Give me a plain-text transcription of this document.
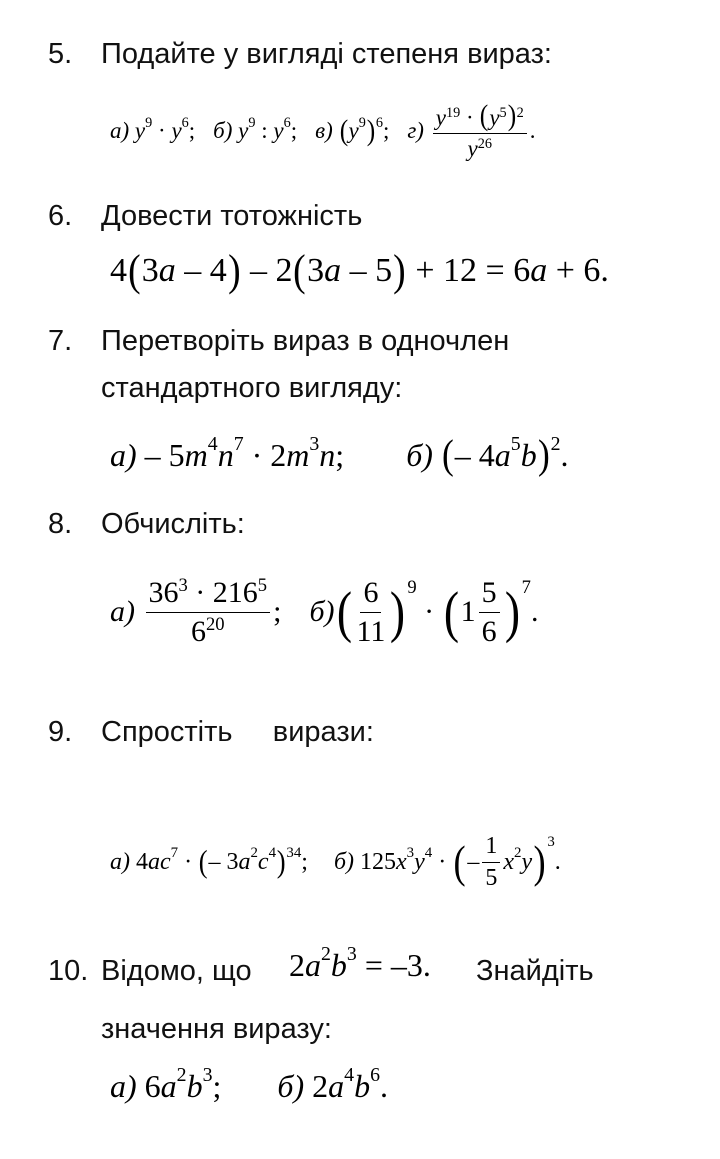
5. Подайте у вигляді степеня вираз:
а)
y 9 · y 6 ; б)
y 9 : y 6 ; в)
( y 9 ) 6 ; г)
$\frac{y^{19} \cdot (y^5)^2}{y^{26}}$ .
6. Довести тотожність
4 ( 3 a – 4 ) – 2 ( 3 a – 5 ) + 12 = 6 a + 6.
7. Перетворіть вираз в одночлен
стандартного вигляду:
а) – 5 m 4 n 7 · 2 m 3 n ; б)
( – 4 a 5 b ) 2 .
8. Обчисліть:
а)
$\frac{36^3 \cdot 216^5}{6^{20}}$ ; б) ( $\frac{6}{11}$ ) 9
· ( $1 \frac{5}{6}$ ) 7
.
9. Спростіть     вирази:
а) 4 ac 7 · ( – 3 a 2 c 4 ) 34 ; б) 125 x 3 y 4 · ( – $\frac{1}{5}$ x 2 y ) 3
.
10. Відомо, що 2 a 2 b 3 = –3. Знайдіть
значення виразу:
а) 6 a 2 b 3 ; б) 2 a 4 b 6 .
